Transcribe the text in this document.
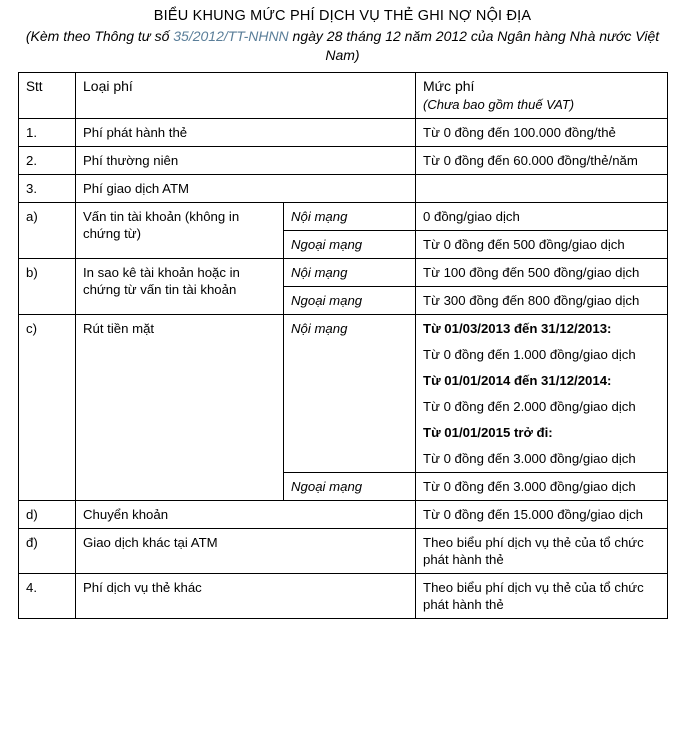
BIỂU KHUNG MỨC PHÍ DỊCH VỤ THẺ GHI NỢ NỘI ĐỊA

(Kèm theo Thông tư số 35/2012/TT-NHNN ngày 28 tháng 12 năm 2012 của Ngân hàng Nhà nước Việt Nam)

Stt	Loại phí		Mức phí
(Chưa bao gồm thuế VAT)

1.	Phí phát hành thẻ		Từ 0 đồng đến 100.000 đồng/thẻ
2.	Phí thường niên		Từ 0 đồng đến 60.000 đồng/thẻ/năm
3.	Phí giao dịch ATM		
a)	Vấn tin tài khoản (không in chứng từ)	Nội mạng	0 đồng/giao dịch
		Ngoại mạng	Từ 0 đồng đến 500 đồng/giao dịch
b)	In sao kê tài khoản hoặc in chứng từ vấn tin tài khoản	Nội mạng	Từ 100 đồng đến 500 đồng/giao dịch
		Ngoại mạng	Từ 300 đồng đến 800 đồng/giao dịch
c)	Rút tiền mặt	Nội mạng	Từ 01/03/2013 đến 31/12/2013:
Từ 0 đồng đến 1.000 đồng/giao dịch
Từ 01/01/2014 đến 31/12/2014:
Từ 0 đồng đến 2.000 đồng/giao dịch
Từ 01/01/2015 trở đi:
Từ 0 đồng đến 3.000 đồng/giao dịch

		Ngoại mạng	Từ 0 đồng đến 3.000 đồng/giao dịch
d)	Chuyển khoản		Từ 0 đồng đến 15.000 đồng/giao dịch
đ)	Giao dịch khác tại ATM		Theo biểu phí dịch vụ thẻ của tổ chức phát hành thẻ
4.	Phí dịch vụ thẻ khác		Theo biểu phí dịch vụ thẻ của tổ chức phát hành thẻ
